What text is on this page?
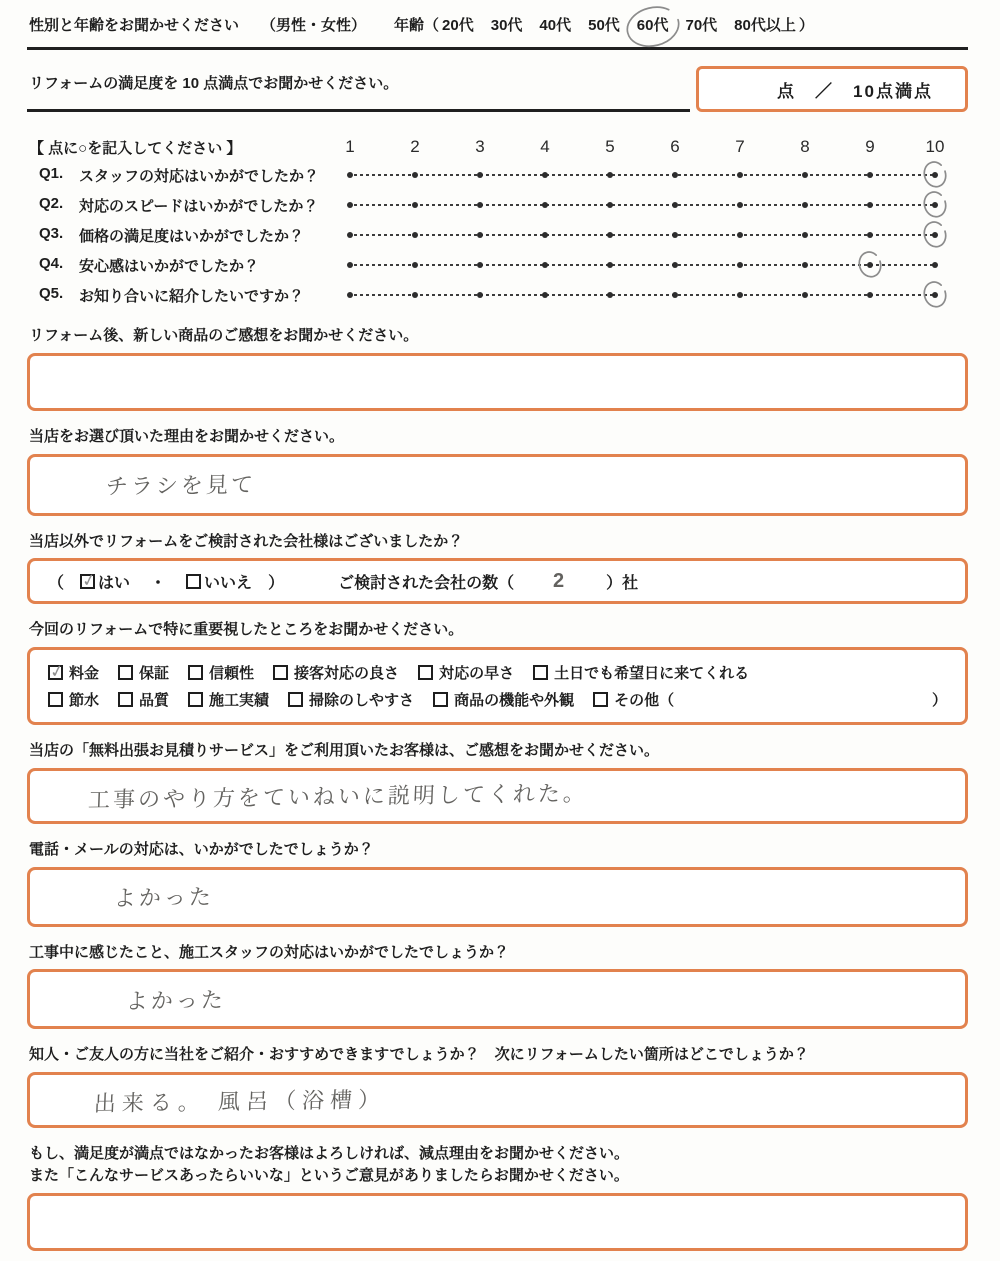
性別と年齢をお聞かせください （男性・女性） 年齢（ 20代 30代 40代 50代 60代 70代 80代以上 ）
リフォームの満足度を 10 点満点でお聞かせください。	点　／　10点満点
【 点に○を記入してください 】	1	2	3	4	5	6	7	8	9	10
Q1.	スタッフの対応はいかがでしたか？
Q2.	対応のスピードはいかがでしたか？
Q3.	価格の満足度はいかがでしたか？
Q4.	安心感はいかがでしたか？
Q5.	お知り合いに紹介したいですか？
リフォーム後、新しい商品のご感想をお聞かせください。
当店をお選び頂いた理由をお聞かせください。
チラシを見て
当店以外でリフォームをご検討された会社様はございましたか？
（ ✓ はい ・ いいえ ）	ご検討された会社の数（	2	）社
今回のリフォームで特に重要視したところをお聞かせください。
✓
料金	保証	信頼性	接客対応の良さ	対応の早さ	土日でも希望日に来てくれる
節水	品質	施工実績	掃除のしやすさ	商品の機能や外観	その他（	）
当店の「無料出張お見積りサービス」をご利用頂いたお客様は、ご感想をお聞かせください。
工事のやり方をていねいに説明してくれた。
電話・メールの対応は、いかがでしたでしょうか？
よかった
工事中に感じたこと、施工スタッフの対応はいかがでしたでしょうか？
よかった
知人・ご友人の方に当社をご紹介・おすすめできますでしょうか？　次にリフォームしたい箇所はどこでしょうか？
出来る。 風呂（浴槽）
もし、満足度が満点ではなかったお客様はよろしければ、減点理由をお聞かせください。
また「こんなサービスあったらいいな」というご意見がありましたらお聞かせください。
